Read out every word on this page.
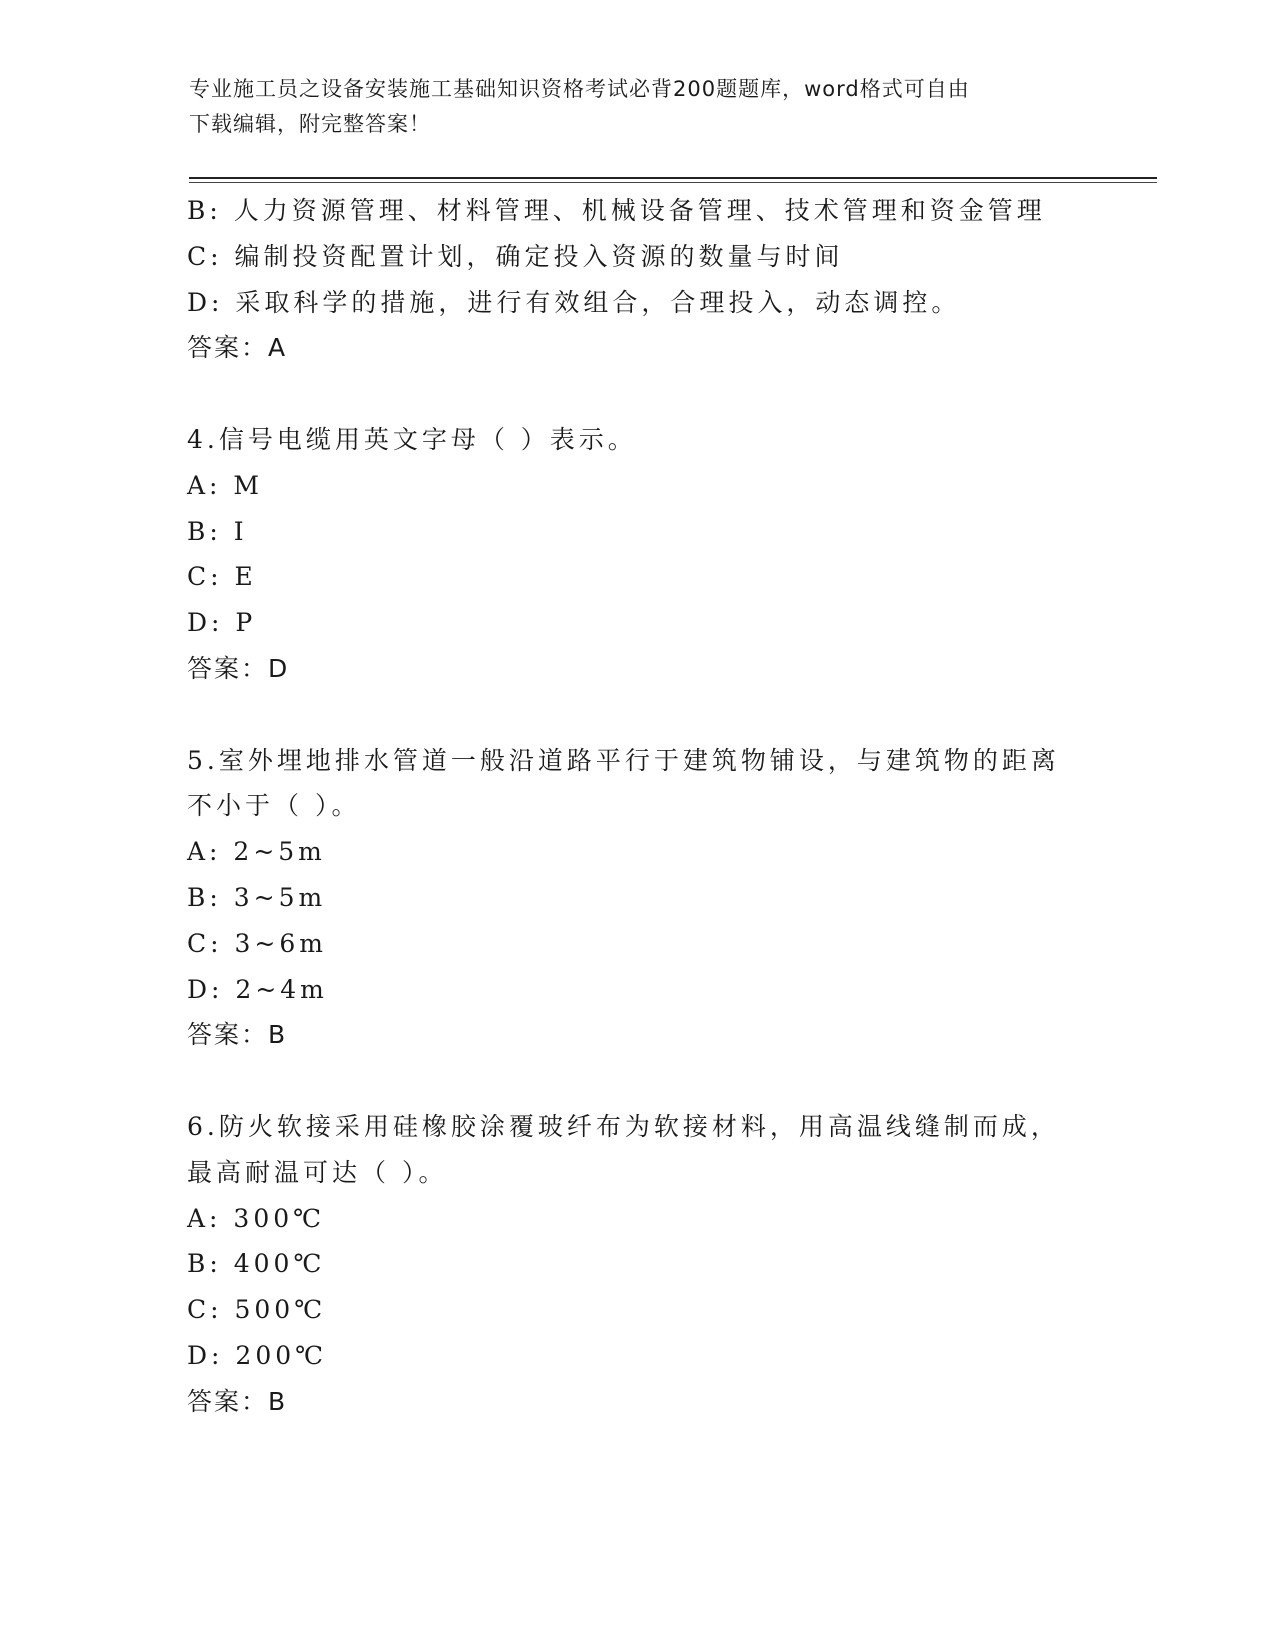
专业施工员之设备安装施工基础知识资格考试必背200题题库，word格式可自由
下载编辑，附完整答案！
B: 人力资源管理、材料管理、机械设备管理、技术管理和资金管理
C: 编制投资配置计划，确定投入资源的数量与时间
D: 采取科学的措施，进行有效组合，合理投入，动态调控。
答案：A
4.信号电缆用英文字母（ ）表示。
A: M
B: I
C: E
D: P
答案：D
5.室外埋地排水管道一般沿道路平行于建筑物铺设，与建筑物的距离
不小于（ ）。
A: 2~5m
B: 3~5m
C: 3~6m
D: 2~4m
答案：B
6.防火软接采用硅橡胶涂覆玻纤布为软接材料，用高温线缝制而成，
最高耐温可达（ ）。
A: 300℃
B: 400℃
C: 500℃
D: 200℃
答案：B
